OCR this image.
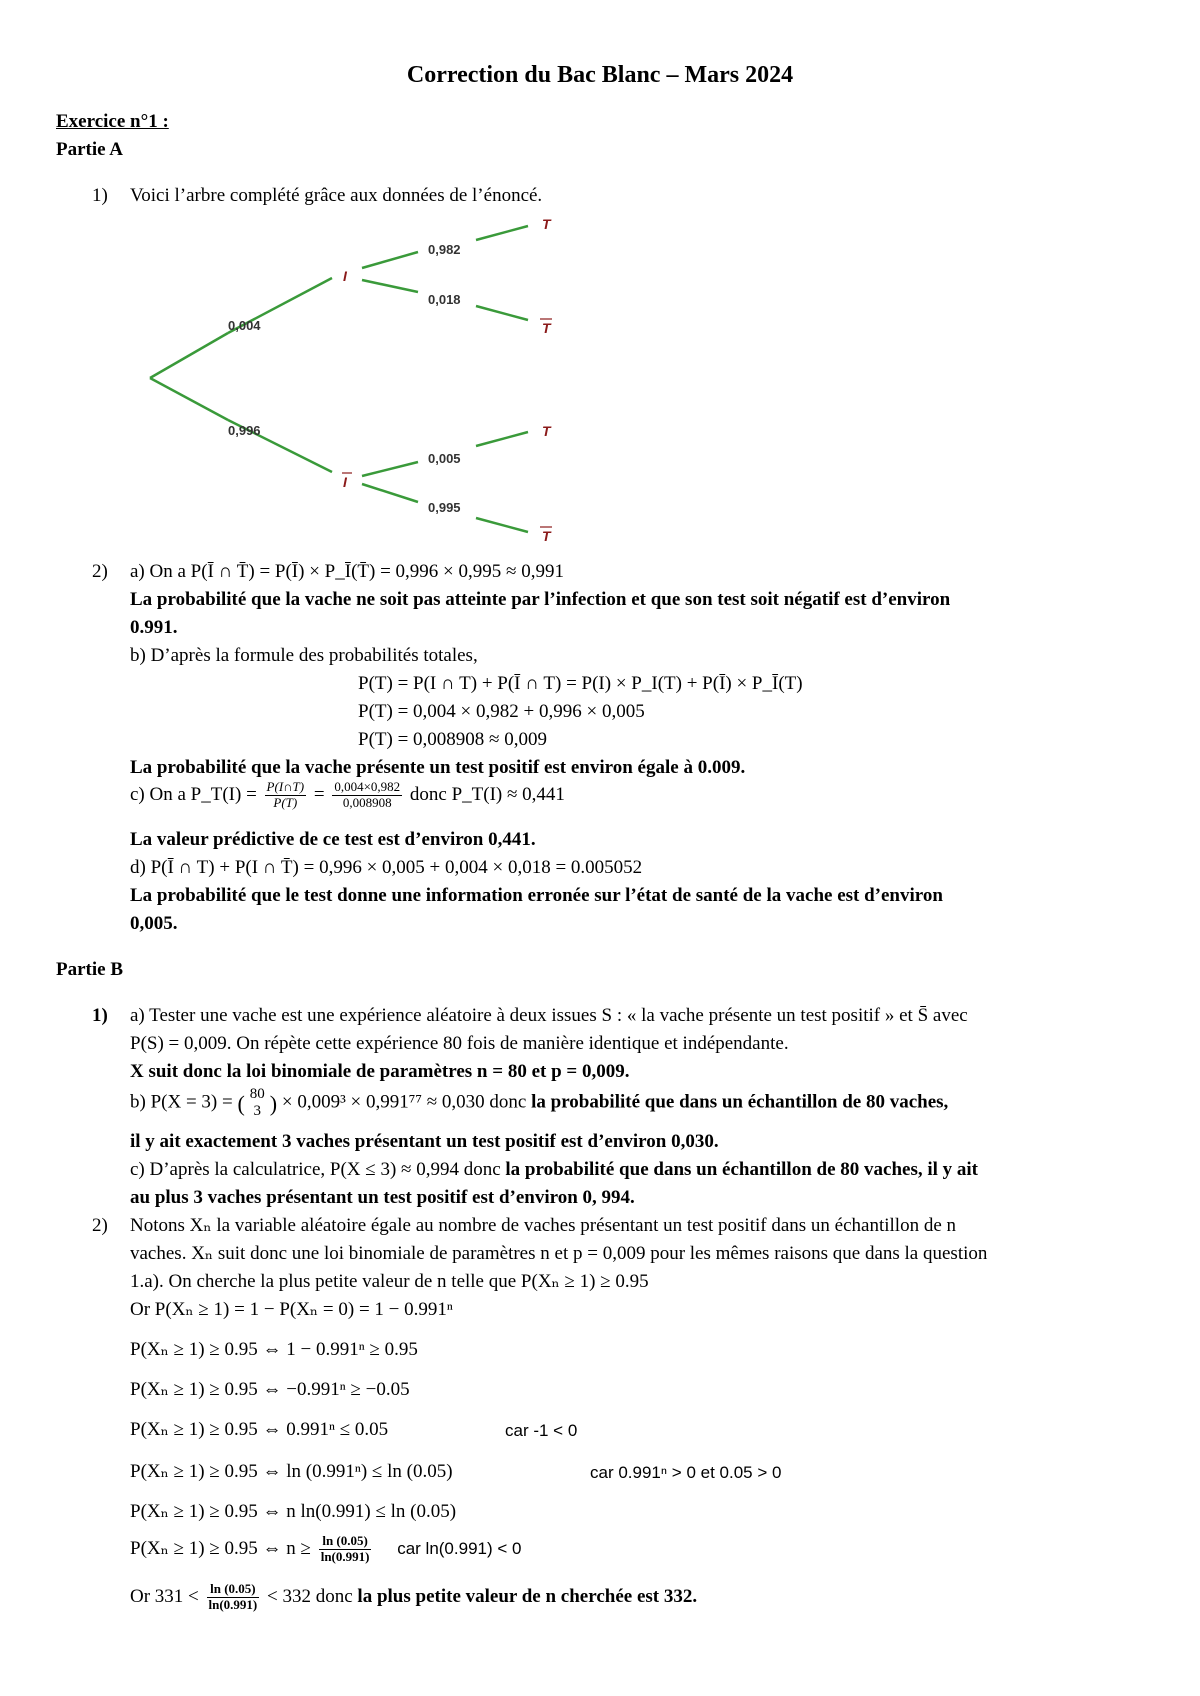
Correction du Bac Blanc – Mars 2024
Exercice n°1 :
Partie A
1) Voici l’arbre complété grâce aux données de l’énoncé.
0,004
0,996
0,982
0,018
0,005
0,995
I
I
T
T
T
T
2) a) On a P(Ī ∩ T̄) = P(Ī) × P_Ī(T̄) = 0,996 × 0,995 ≈ 0,991
La probabilité que la vache ne soit pas atteinte par l’infection et que son test soit négatif est d’environ
0.991.
b) D’après la formule des probabilités totales,
P(T) = P(I ∩ T) + P(Ī ∩ T) = P(I) × P_I(T) + P(Ī) × P_Ī(T)
P(T) = 0,004 × 0,982 + 0,996 × 0,005
P(T) = 0,008908 ≈ 0,009
La probabilité que la vache présente un test positif est environ égale à 0.009.
c) On a P_T(I) = $\frac{P(I\cap T)}{P(T)} = \frac{0,004\times 0,982}{0,008908}$ donc P_T(I) ≈ 0,441
La valeur prédictive de ce test est d’environ 0,441.
d) P(Ī ∩ T) + P(I ∩ T̄) = 0,996 × 0,005 + 0,004 × 0,018 = 0.005052
La probabilité que le test donne une information erronée sur l’état de santé de la vache est d’environ
0,005.
Partie B
1) a) Tester une vache est une expérience aléatoire à deux issues S : « la vache présente un test positif » et S̄ avec
P(S) = 0,009. On répète cette expérience 80 fois de manière identique et indépendante.
X suit donc la loi binomiale de paramètres n = 80 et p = 0,009.
b) P(X = 3) = ( 80
3 ) × 0,009³ × 0,991⁷⁷ ≈ 0,030 donc la probabilité que dans un échantillon de 80 vaches,
il y ait exactement 3 vaches présentant un test positif est d’environ 0,030.
c) D’après la calculatrice, P(X ≤ 3) ≈ 0,994 donc la probabilité que dans un échantillon de 80 vaches, il y ait
au plus 3 vaches présentant un test positif est d’environ 0, 994.
2) Notons Xₙ la variable aléatoire égale au nombre de vaches présentant un test positif dans un échantillon de n
vaches. Xₙ suit donc une loi binomiale de paramètres n et p = 0,009 pour les mêmes raisons que dans la question
1.a). On cherche la plus petite valeur de n telle que P(Xₙ ≥ 1) ≥ 0.95
Or P(Xₙ ≥ 1) = 1 − P(Xₙ = 0) = 1 − 0.991ⁿ
P(Xₙ ≥ 1) ≥ 0.95 ⇔ 1 − 0.991ⁿ ≥ 0.95
P(Xₙ ≥ 1) ≥ 0.95 ⇔ −0.991ⁿ ≥ −0.05
P(Xₙ ≥ 1) ≥ 0.95 ⇔ 0.991ⁿ ≤ 0.05	car -1 < 0
P(Xₙ ≥ 1) ≥ 0.95 ⇔ ln (0.991ⁿ) ≤ ln (0.05)	car 0.991ⁿ > 0 et 0.05 > 0
P(Xₙ ≥ 1) ≥ 0.95 ⇔ n ln(0.991) ≤ ln (0.05)
P(Xₙ ≥ 1) ≥ 0.95 ⇔ $n \ge \frac{\ln (0.05)}{\ln(0.991)}$ car ln(0.991) < 0
Or $331 < \frac{\ln (0.05)}{\ln(0.991)} < 332$ donc la plus petite valeur de n cherchée est 332.
